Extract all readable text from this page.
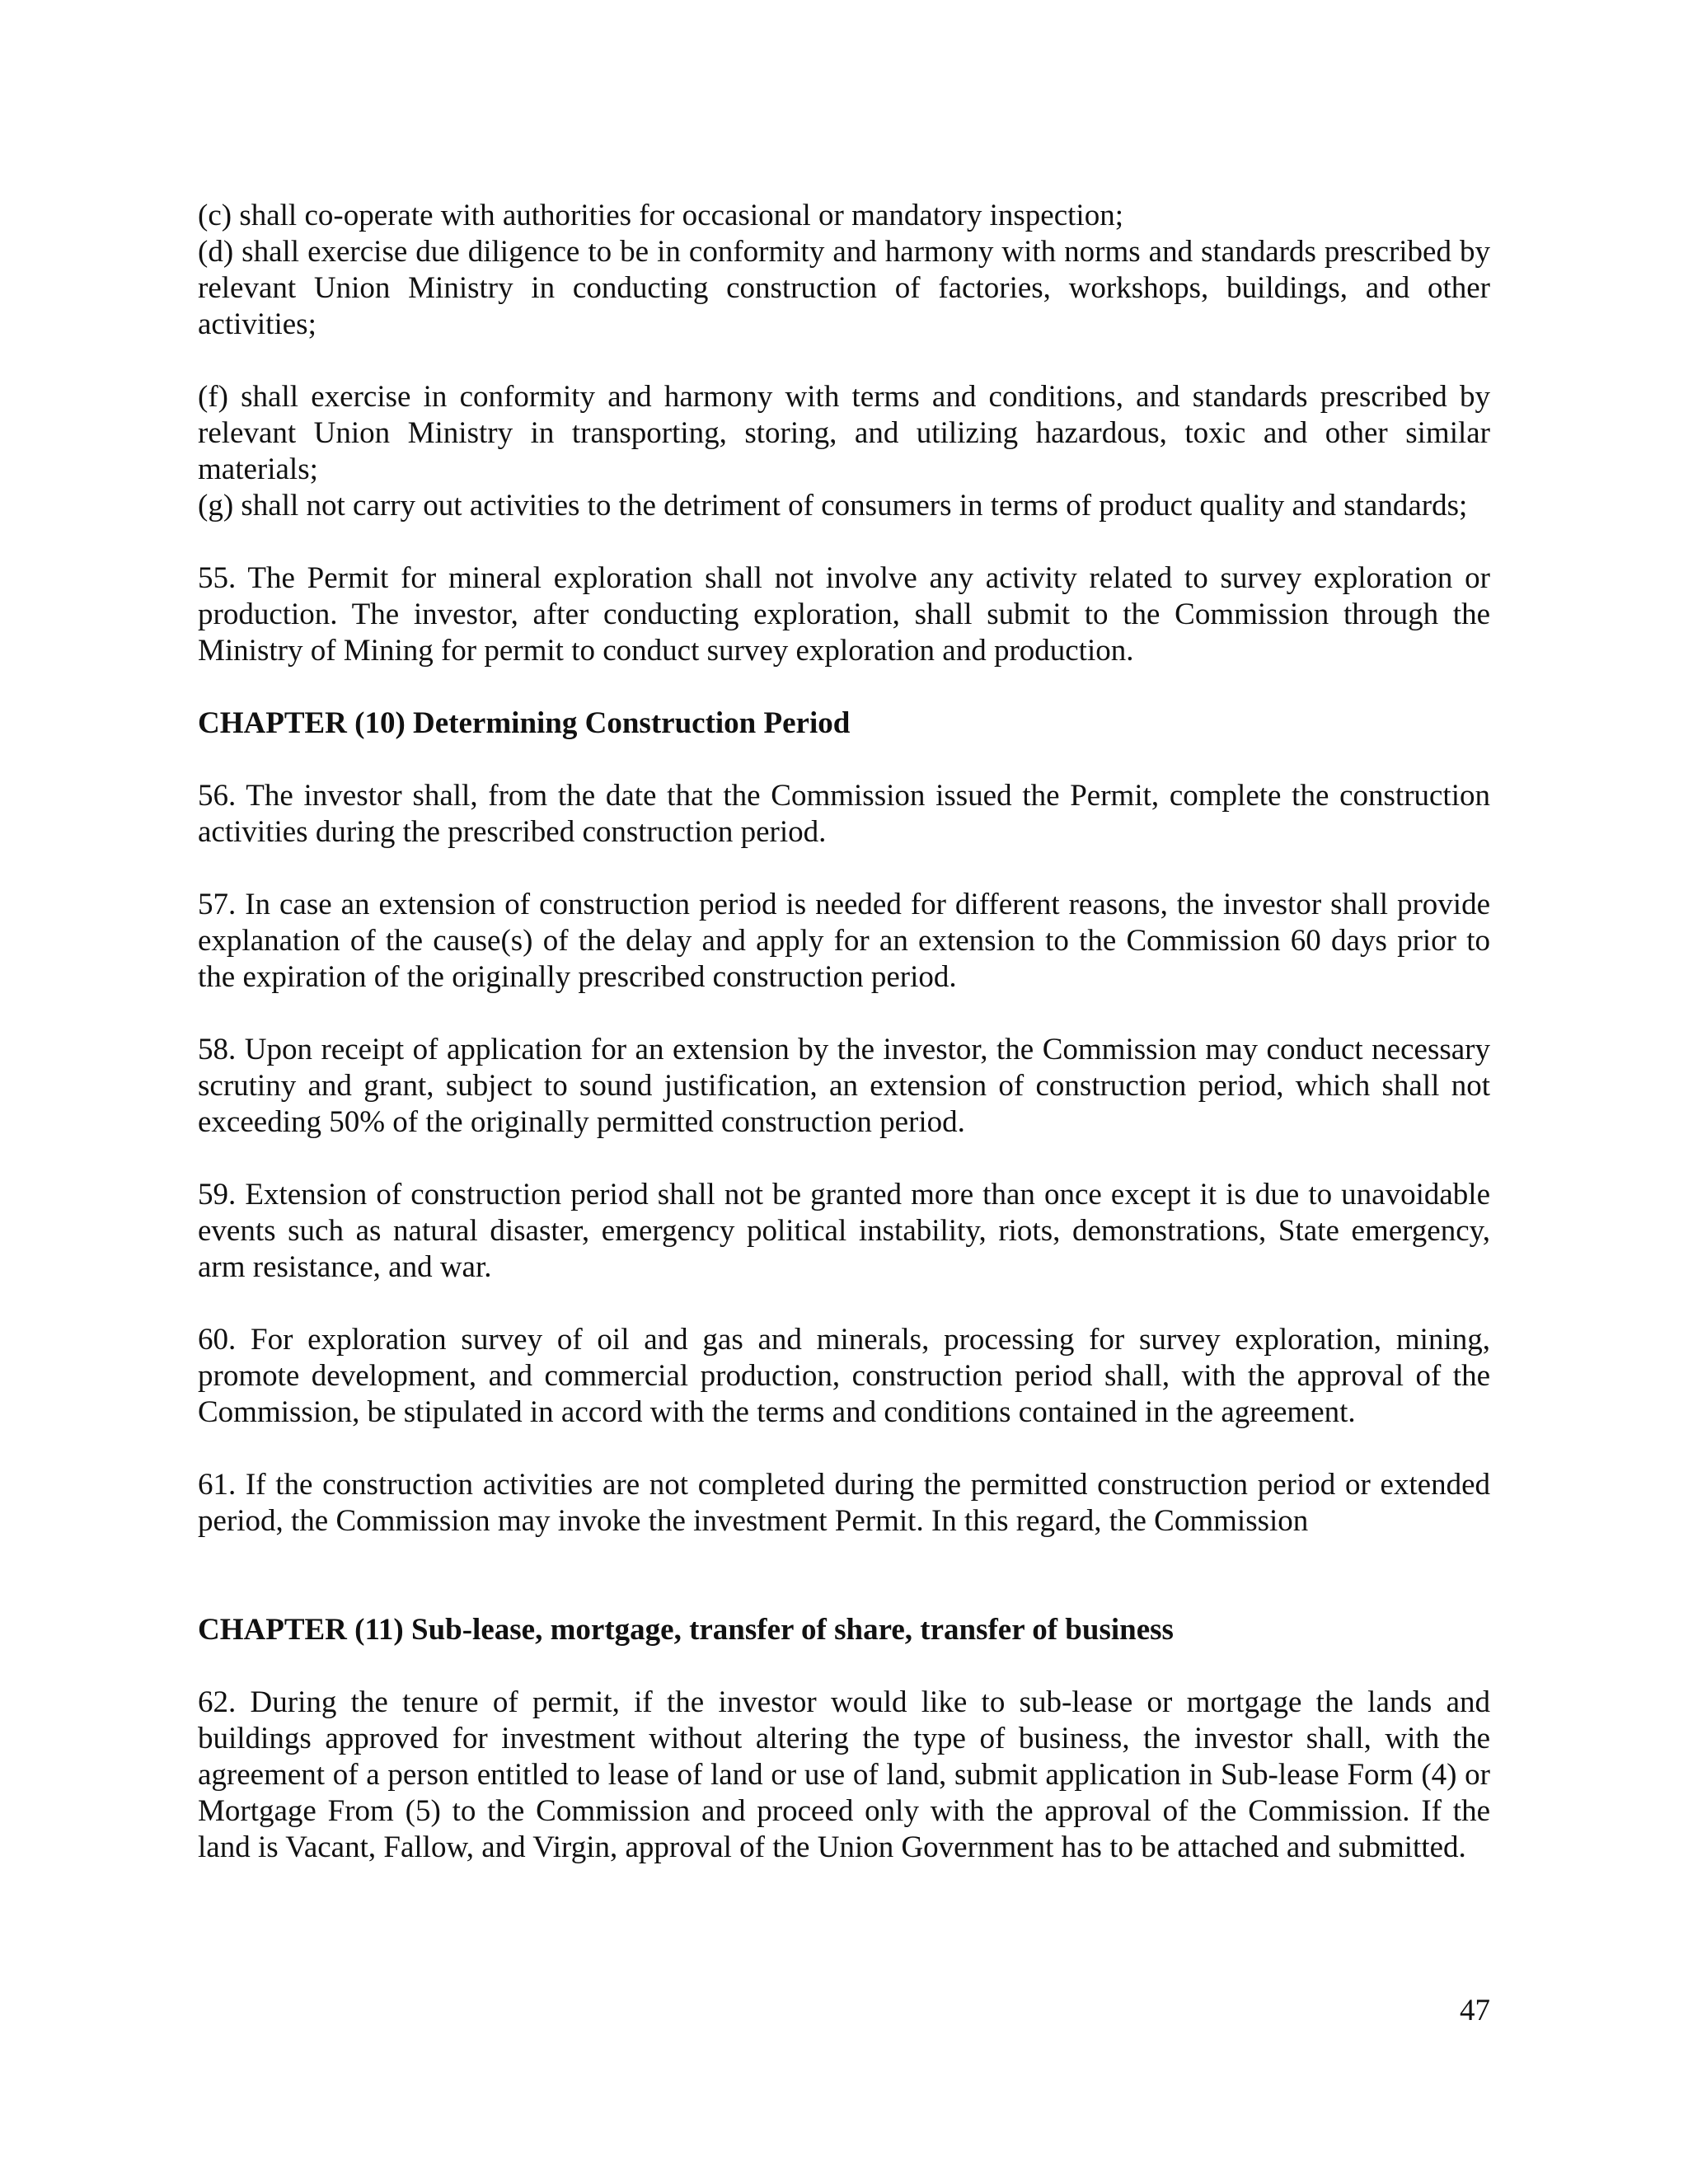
(c) shall co-operate with authorities for occasional or mandatory inspection;

(d) shall exercise due diligence to be in conformity and harmony with norms and standards prescribed by relevant Union Ministry in conducting construction of factories, workshops, buildings, and other activities;

(f) shall exercise in conformity and harmony with terms and conditions, and standards prescribed by relevant Union Ministry in transporting, storing, and utilizing hazardous, toxic and other similar materials;

(g) shall not carry out activities to the detriment of consumers in terms of product quality and standards;

55. The Permit for mineral exploration shall not involve any activity related to survey exploration or production. The investor, after conducting exploration, shall submit to the Commission through the Ministry of Mining for permit to conduct survey exploration and production.

CHAPTER (10) Determining Construction Period

56. The investor shall, from the date that the Commission issued the Permit, complete the construction activities during the prescribed construction period.

57. In case an extension of construction period is needed for different reasons, the investor shall provide explanation of the cause(s) of the delay and apply for an extension to the Commission 60 days prior to the expiration of the originally prescribed construction period.

58. Upon receipt of application for an extension by the investor, the Commission may conduct necessary scrutiny and grant, subject to sound justification, an extension of construction period, which shall not exceeding 50% of the originally permitted construction period.

59. Extension of construction period shall not be granted more than once except it is due to unavoidable events such as natural disaster, emergency political instability, riots, demonstrations, State emergency, arm resistance, and war.

60. For exploration survey of oil and gas and minerals, processing for survey exploration, mining, promote development, and commercial production, construction period shall, with the approval of the Commission, be stipulated in accord with the terms and conditions contained in the agreement.

61. If the construction activities are not completed during the permitted construction period or extended period, the Commission may invoke the investment Permit. In this regard, the Commission

CHAPTER (11) Sub-lease, mortgage, transfer of share, transfer of business

62. During the tenure of permit, if the investor would like to sub-lease or mortgage the lands and buildings approved for investment without altering the type of business, the investor shall, with the agreement of a person entitled to lease of land or use of land, submit application in Sub-lease Form (4) or Mortgage From (5) to the Commission and proceed only with the approval of the Commission. If the land is Vacant, Fallow, and Virgin, approval of the Union Government has to be attached and submitted.

47
